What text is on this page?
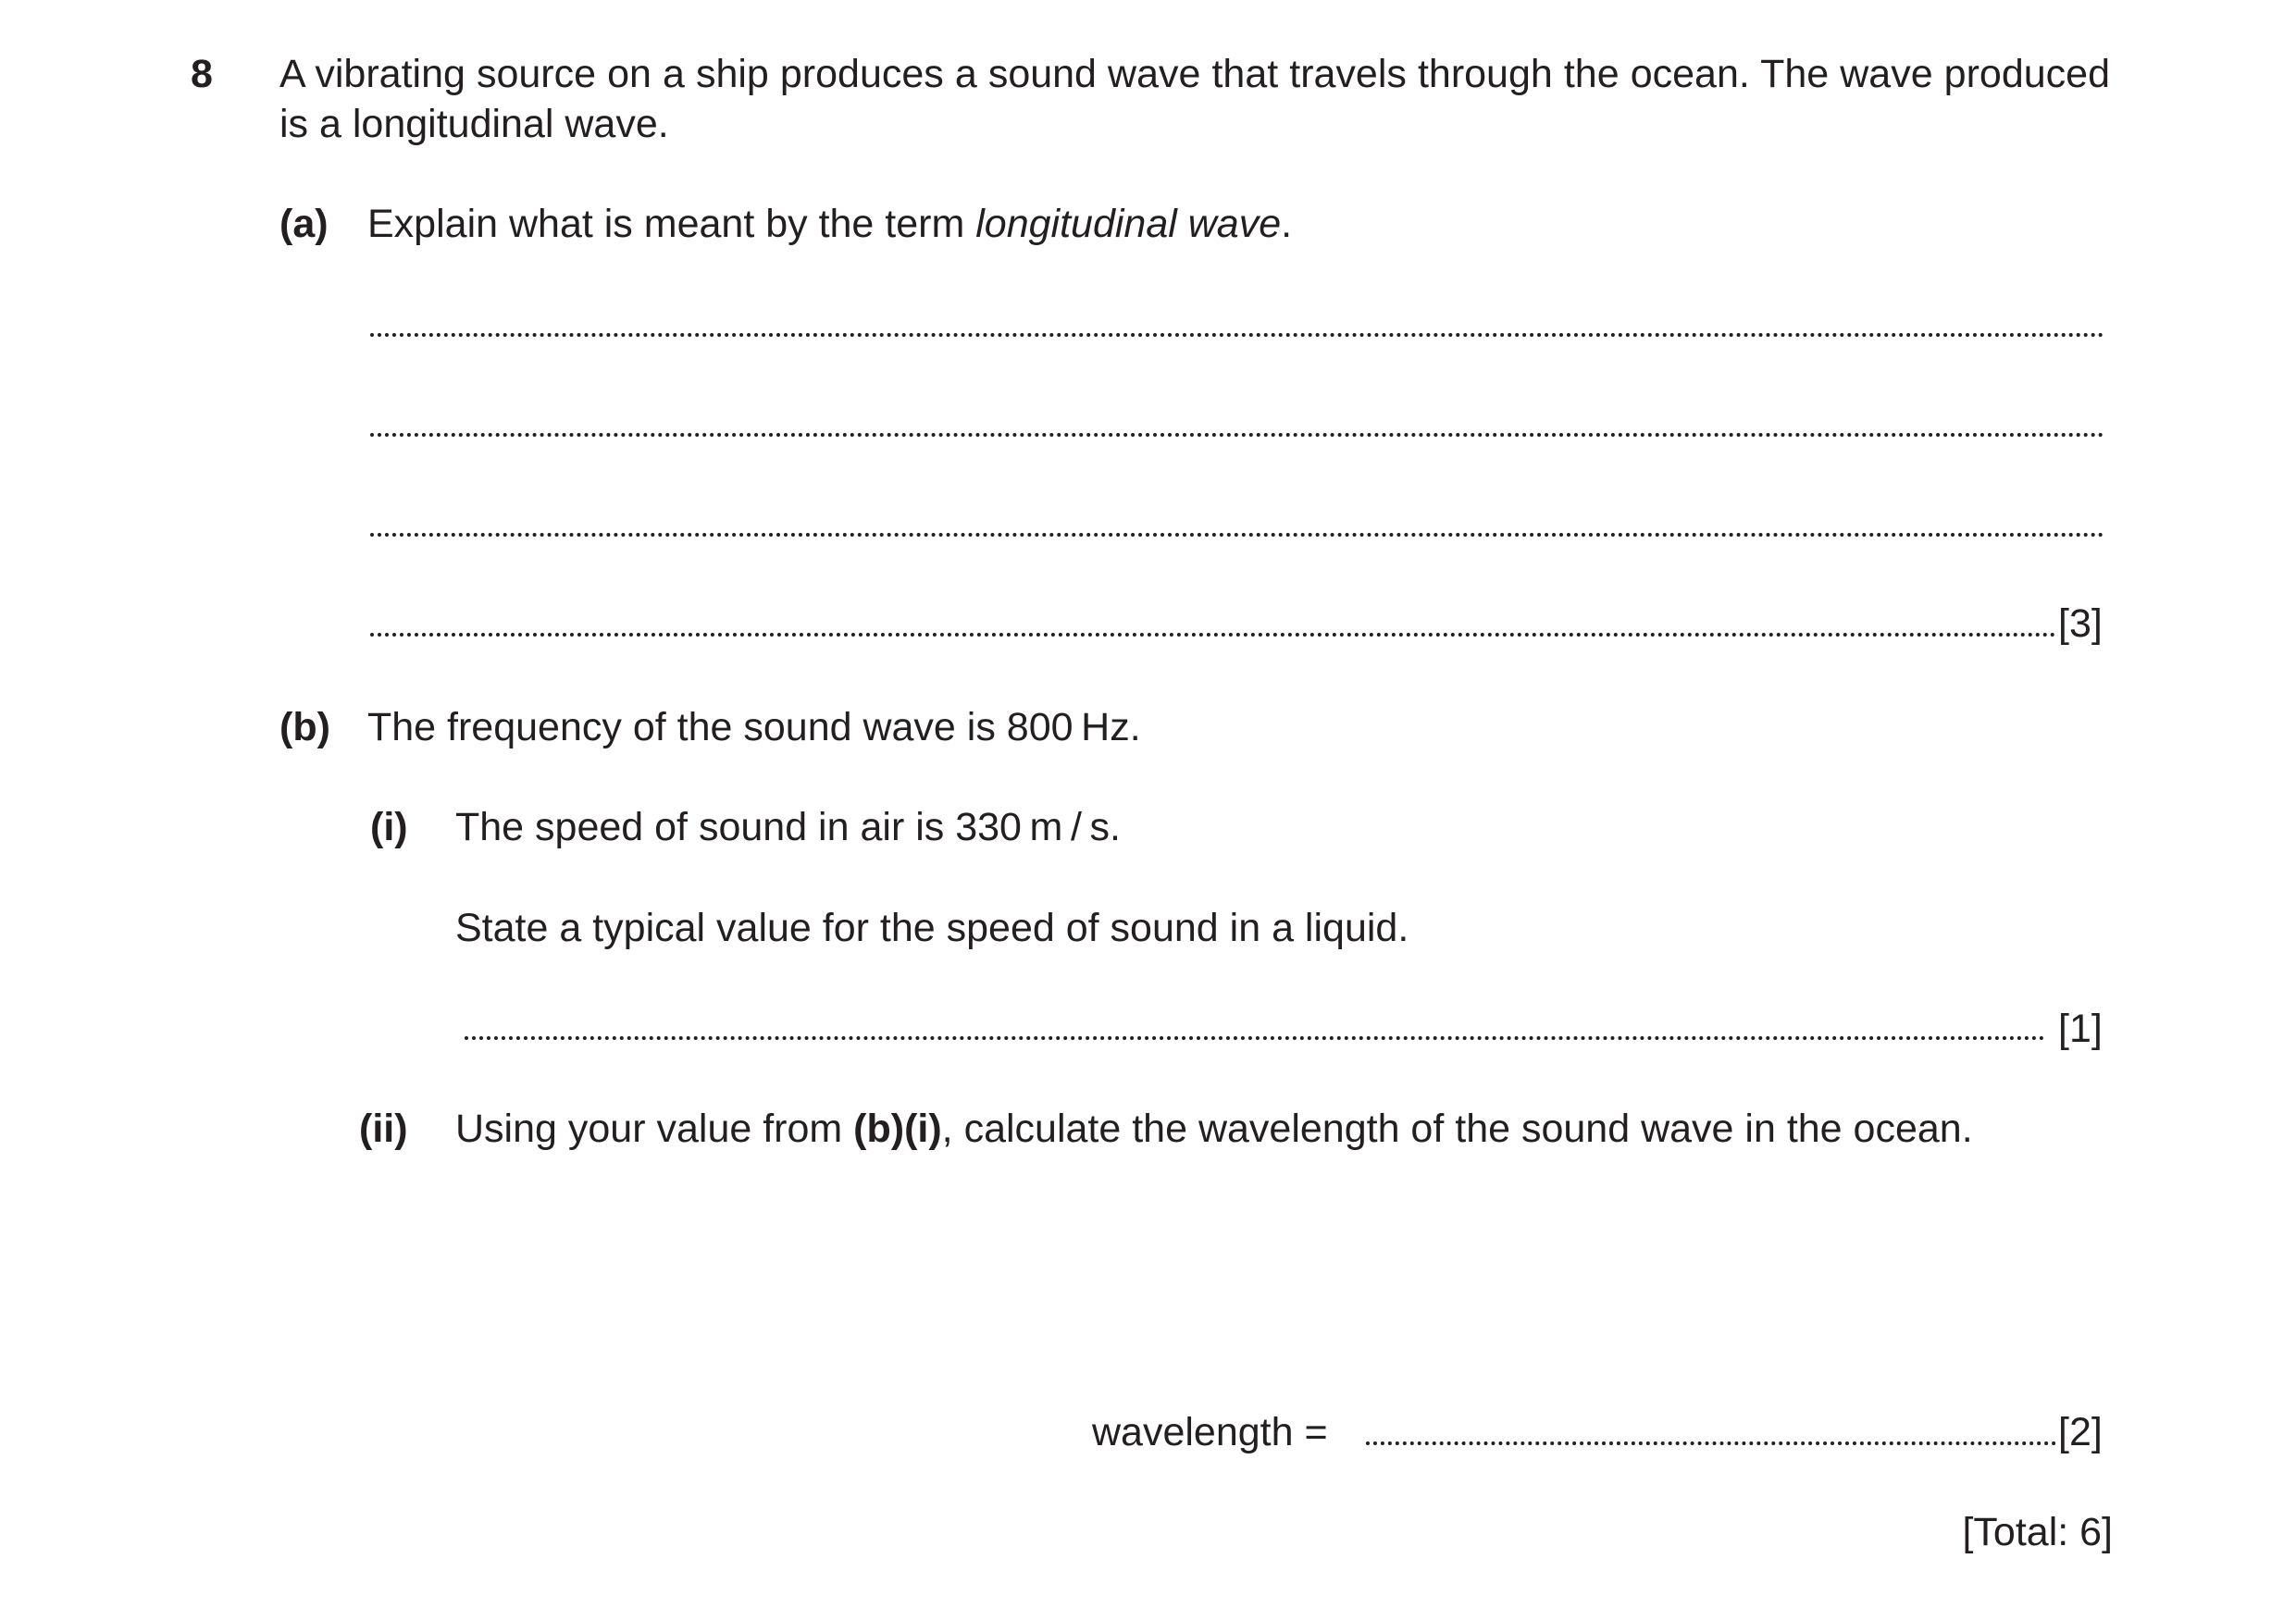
8 A vibrating source on a ship produces a sound wave that travels through the ocean. The wave produced is a longitudinal wave.
(a) Explain what is meant by the term longitudinal wave.
[3]
(b) The frequency of the sound wave is 800 Hz.
(i) The speed of sound in air is 330 m / s.
State a typical value for the speed of sound in a liquid.
[1]
(ii) Using your value from (b)(i), calculate the wavelength of the sound wave in the ocean.
wavelength =	[2]
[Total: 6]
